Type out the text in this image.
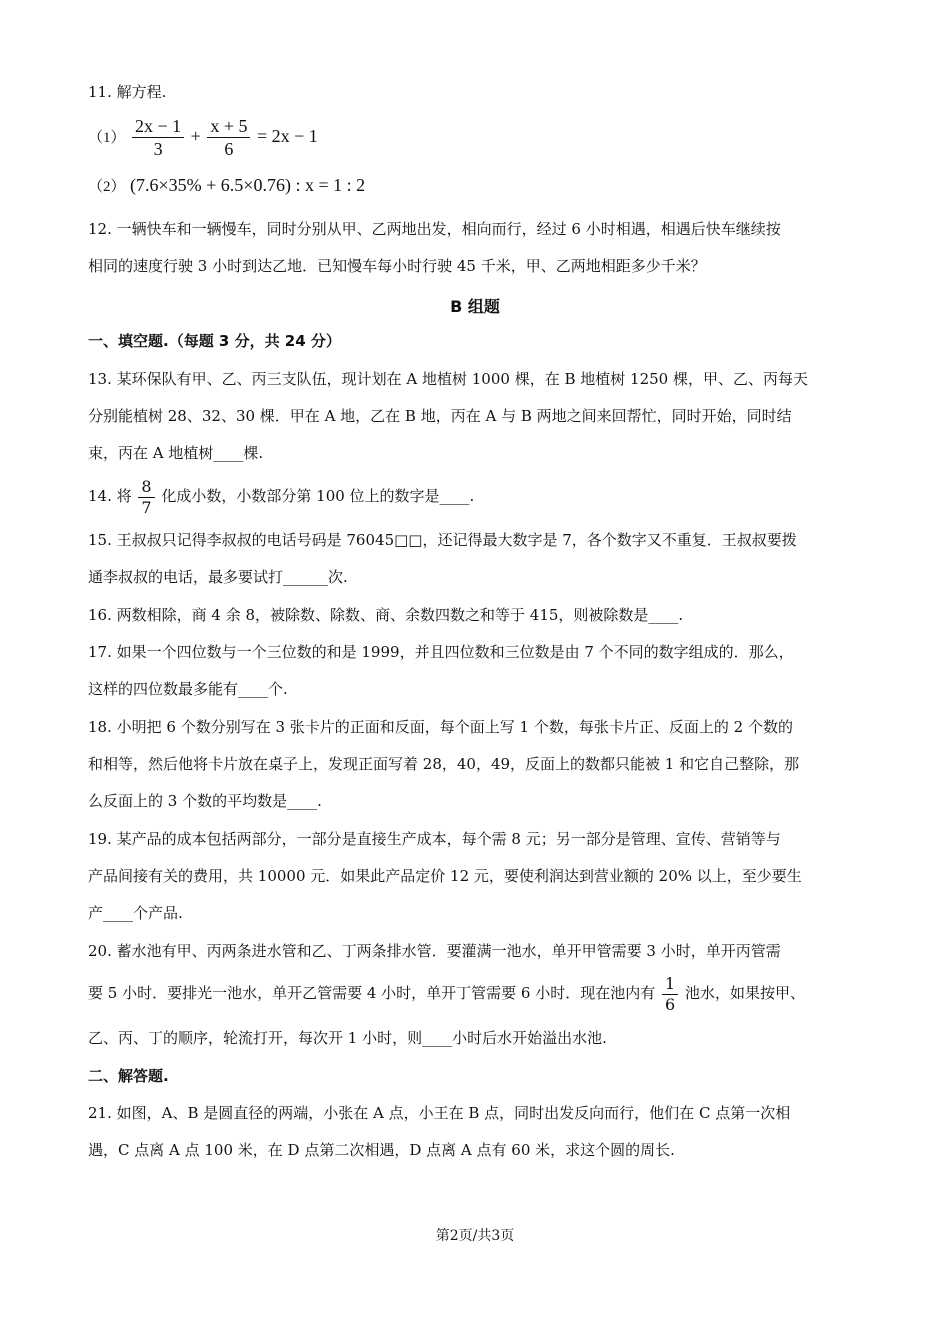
11. 解方程.
$(1) \frac{2x - 1}{3} + \frac{x + 5}{6} = 2x - 1$
（2） (7.6×35% + 6.5×0.76) : x = 1 : 2
12. 一辆快车和一辆慢车，同时分别从甲、乙两地出发，相向而行，经过 6 小时相遇，相遇后快车继续按
相同的速度行驶 3 小时到达乙地．已知慢车每小时行驶 45 千米，甲、乙两地相距多少千米？
B 组题
一、填空题.（每题 3 分，共 24 分）
13. 某环保队有甲、乙、丙三支队伍，现计划在 A 地植树 1000 棵，在 B 地植树 1250 棵，甲、乙、丙每天
分别能植树 28、32、30 棵．甲在 A 地，乙在 B 地，丙在 A 与 B 两地之间来回帮忙，同时开始，同时结
束，丙在 A 地植树____棵.
14. 将 $\frac{8}{7}$ 化成小数，小数部分第 100 位上的数字是____.
15. 王叔叔只记得李叔叔的电话号码是 76045□□，还记得最大数字是 7，各个数字又不重复．王叔叔要拨
通李叔叔的电话，最多要试打______次.
16. 两数相除，商 4 余 8，被除数、除数、商、余数四数之和等于 415，则被除数是____.
17. 如果一个四位数与一个三位数的和是 1999，并且四位数和三位数是由 7 个不同的数字组成的．那么，
这样的四位数最多能有____个.
18. 小明把 6 个数分别写在 3 张卡片的正面和反面，每个面上写 1 个数，每张卡片正、反面上的 2 个数的
和相等，然后他将卡片放在桌子上，发现正面写着 28，40，49，反面上的数都只能被 1 和它自己整除，那
么反面上的 3 个数的平均数是____.
19. 某产品的成本包括两部分，一部分是直接生产成本，每个需 8 元；另一部分是管理、宣传、营销等与
产品间接有关的费用，共 10000 元．如果此产品定价 12 元，要使利润达到营业额的 20% 以上，至少要生
产____个产品.
20. 蓄水池有甲、丙两条进水管和乙、丁两条排水管．要灌满一池水，单开甲管需要 3 小时，单开丙管需
要 5 小时．要排光一池水，单开乙管需要 4 小时，单开丁管需要 6 小时．现在池内有 $\frac{1}{6}$ 池水，如果按甲、
乙、丙、丁的顺序，轮流打开，每次开 1 小时，则____小时后水开始溢出水池.
二、解答题.
21. 如图，A、B 是圆直径的两端，小张在 A 点，小王在 B 点，同时出发反向而行，他们在 C 点第一次相
遇，C 点离 A 点 100 米，在 D 点第二次相遇，D 点离 A 点有 60 米，求这个圆的周长.
第2页/共3页
